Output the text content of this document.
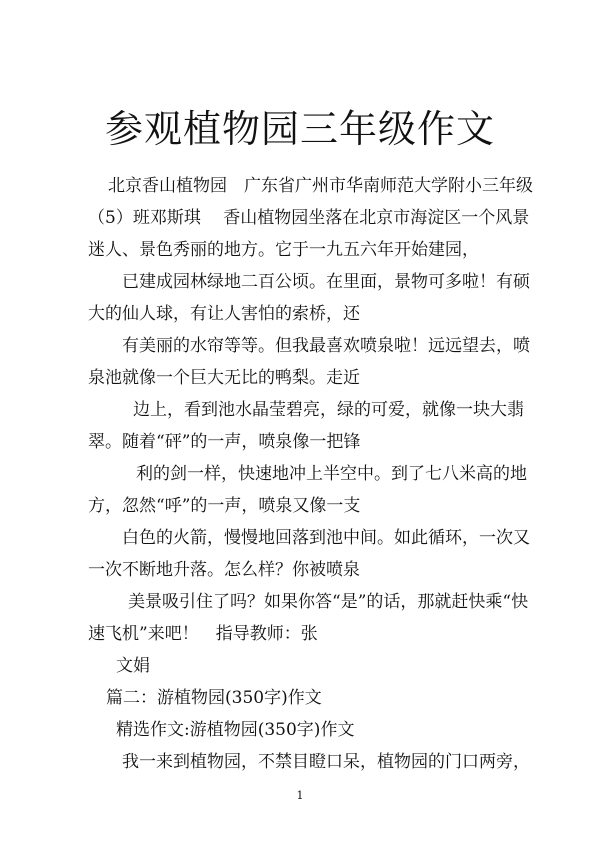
参观植物园三年级作文
北京香山植物园　广东省广州市华南师范大学附小三年级
（5）班邓斯琪　 香山植物园坐落在北京市海淀区一个风景
迷人、景色秀丽的地方。它于一九五六年开始建园，
已建成园林绿地二百公顷。在里面，景物可多啦！有硕
大的仙人球，有让人害怕的索桥，还
有美丽的水帘等等。但我最喜欢喷泉啦！远远望去，喷
泉池就像一个巨大无比的鸭梨。走近
边上，看到池水晶莹碧亮，绿的可爱，就像一块大翡
翠。随着“砰”的一声，喷泉像一把锋
利的剑一样，快速地冲上半空中。到了七八米高的地
方，忽然“呼”的一声，喷泉又像一支
白色的火箭，慢慢地回落到池中间。如此循环，一次又
一次不断地升落。怎么样？你被喷泉
美景吸引住了吗？如果你答“是”的话，那就赶快乘“快
速飞机”来吧！　指导教师：张
文娟
篇二：游植物园(350字)作文
精选作文:游植物园(350字)作文
我一来到植物园，不禁目瞪口呆，植物园的门口两旁，
1
